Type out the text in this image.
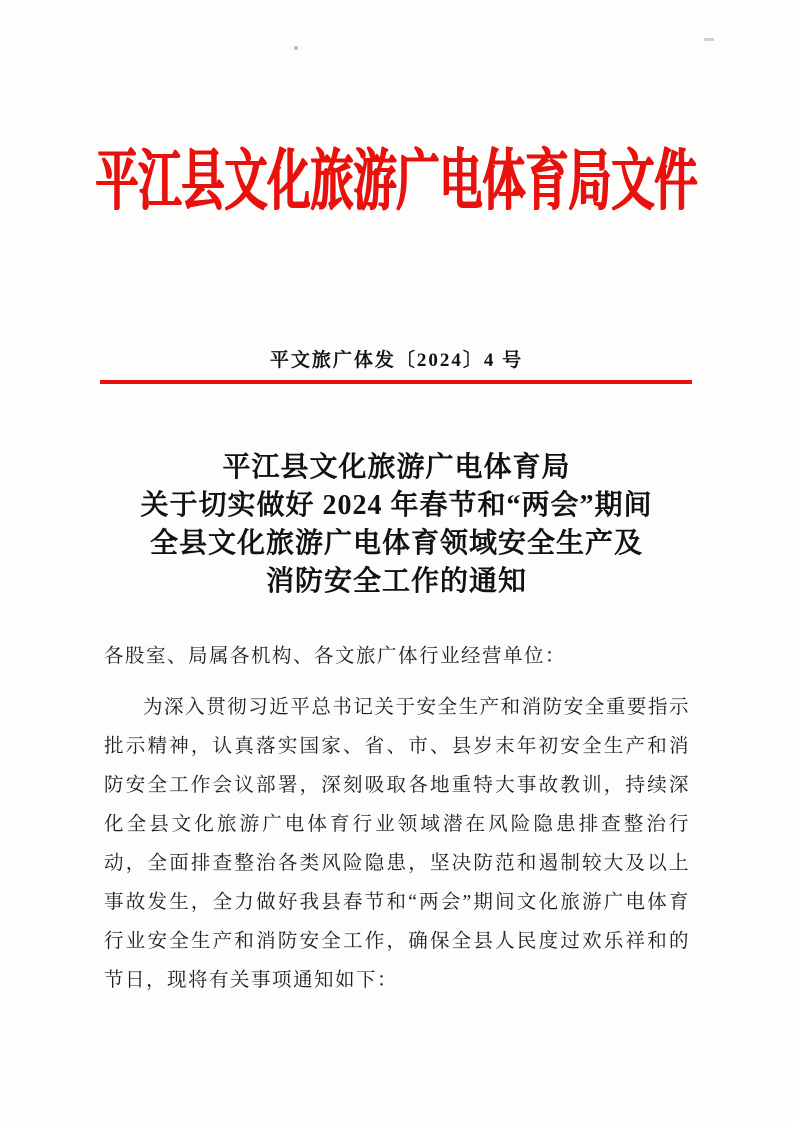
平江县文化旅游广电体育局文件
平文旅广体发〔2024〕4 号
平江县文化旅游广电体育局
关于切实做好 2024 年春节和“两会”期间
全县文化旅游广电体育领域安全生产及
消防安全工作的通知
各股室、局属各机构、各文旅广体行业经营单位：
为深入贯彻习近平总书记关于安全生产和消防安全重要指示批示精神，认真落实国家、省、市、县岁末年初安全生产和消防安全工作会议部署，深刻吸取各地重特大事故教训，持续深化全县文化旅游广电体育行业领域潜在风险隐患排查整治行动，全面排查整治各类风险隐患，坚决防范和遏制较大及以上事故发生，全力做好我县春节和“两会”期间文化旅游广电体育行业安全生产和消防安全工作，确保全县人民度过欢乐祥和的节日，现将有关事项通知如下：
